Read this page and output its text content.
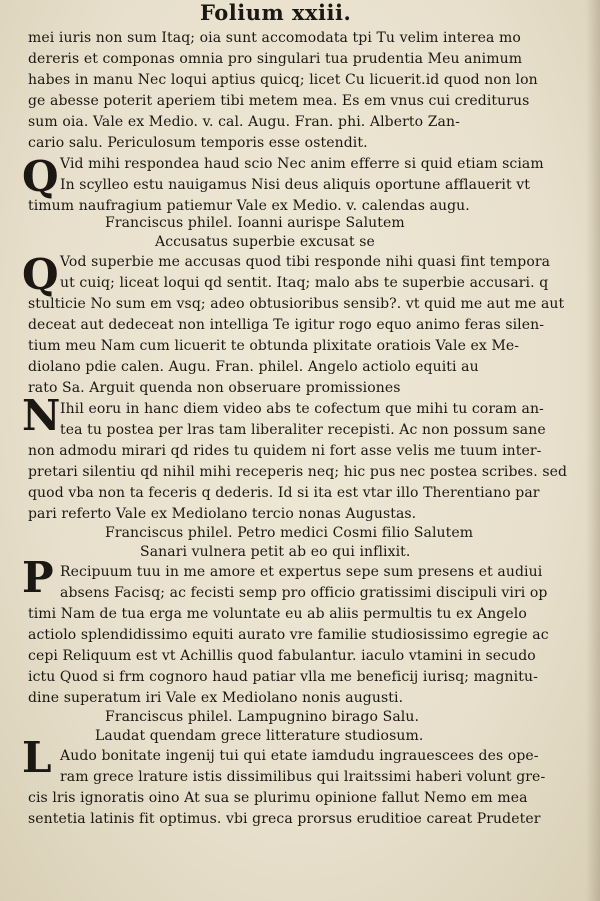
Folium xxiii.
Q
Q
N
P
L
mei iuris non sum Itaq; oia sunt accomodata tpi Tu velim interea mo
dereris et componas omnia pro singulari tua prudentia Meu animum
habes in manu Nec loqui aptius quicq; licet Cu licuerit.id quod non lon
ge abesse poterit aperiem tibi metem mea. Es em vnus cui crediturus
sum oia. Vale ex Medio. v. cal. Augu. Fran. phi. Alberto Zan-
cario salu. Periculosum temporis esse ostendit.
Vid mihi respondea haud scio Nec anim efferre si quid etiam sciam
In scylleo estu nauigamus Nisi deus aliquis oportune afflauerit vt
timum naufragium patiemur Vale ex Medio. v. calendas augu.
Franciscus philel. Ioanni aurispe Salutem
Accusatus superbie excusat se
Vod superbie me accusas quod tibi responde nihi quasi fint tempora
ut cuiq; liceat loqui qd sentit. Itaq; malo abs te superbie accusari. q
stulticie No sum em vsq; adeo obtusioribus sensib?. vt quid me aut me aut
deceat aut dedeceat non intelliga Te igitur rogo equo animo feras silen-
tium meu Nam cum licuerit te obtunda plixitate oratiois Vale ex Me-
diolano pdie calen. Augu. Fran. philel. Angelo actiolo equiti au
rato Sa. Arguit quenda non obseruare promissiones
Ihil eoru in hanc diem video abs te cofectum que mihi tu coram an-
tea tu postea per lras tam liberaliter recepisti. Ac non possum sane
non admodu mirari qd rides tu quidem ni fort asse velis me tuum inter-
pretari silentiu qd nihil mihi receperis neq; hic pus nec postea scribes. sed
quod vba non ta feceris q dederis. Id si ita est vtar illo Therentiano par
pari referto Vale ex Mediolano tercio nonas Augustas.
Franciscus philel. Petro medici Cosmi filio Salutem
Sanari vulnera petit ab eo qui inflixit.
Recipuum tuu in me amore et expertus sepe sum presens et audiui
absens Facisq; ac fecisti semp pro officio gratissimi discipuli viri op
timi Nam de tua erga me voluntate eu ab aliis permultis tu ex Angelo
actiolo splendidissimo equiti aurato vre familie studiosissimo egregie ac
cepi Reliquum est vt Achillis quod fabulantur. iaculo vtamini in secudo
ictu Quod si frm cognoro haud patiar vlla me beneficij iurisq; magnitu-
dine superatum iri Vale ex Mediolano nonis augusti.
Franciscus philel. Lampugnino birago Salu.
Laudat quendam grece litterature studiosum.
Audo bonitate ingenij tui qui etate iamdudu ingrauescees des ope-
ram grece lrature istis dissimilibus qui lraitssimi haberi volunt gre-
cis lris ignoratis oino At sua se plurimu opinione fallut Nemo em mea
sentetia latinis fit optimus. vbi greca prorsus eruditioe careat Prudeter
